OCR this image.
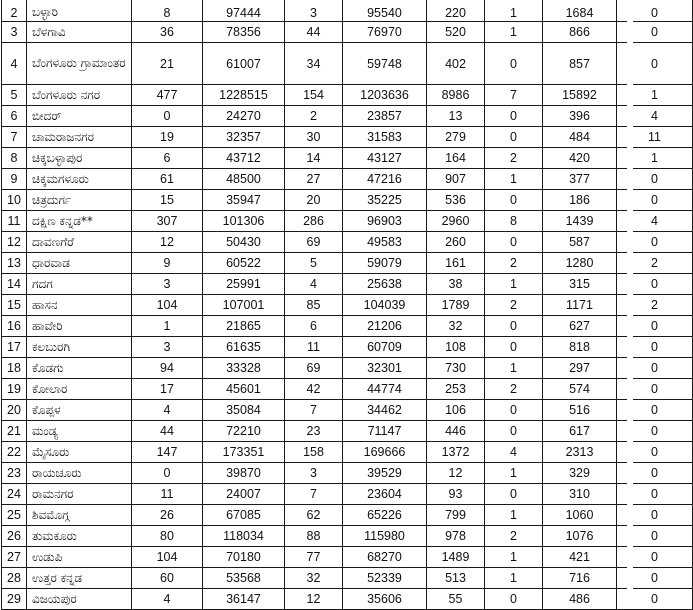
2	ಬಳ್ಳಾರಿ	8	97444	3	95540	220	1	1684	0
3	ಬೆಳಗಾವಿ	36	78356	44	76970	520	1	866	0
4	ಬೆಂಗಳೂರು ಗ್ರಾಮಾಂತರ	21	61007	34	59748	402	0	857	0
5	ಬೆಂಗಳೂರು ನಗರ	477	1228515	154	1203636	8986	7	15892	1
6	ಬೀದರ್	0	24270	2	23857	13	0	396	4
7	ಚಾಮರಾಜನಗರ	19	32357	30	31583	279	0	484	11
8	ಚಿಕ್ಕಬಳ್ಳಾಪುರ	6	43712	14	43127	164	2	420	1
9	ಚಿಕ್ಕಮಗಳೂರು	61	48500	27	47216	907	1	377	0
10	ಚಿತ್ರದುರ್ಗ	15	35947	20	35225	536	0	186	0
11	ದಕ್ಷಿಣ ಕನ್ನಡ**	307	101306	286	96903	2960	8	1439	4
12	ದಾವಣಗೆರೆ	12	50430	69	49583	260	0	587	0
13	ಧಾರವಾಡ	9	60522	5	59079	161	2	1280	2
14	ಗದಗ	3	25991	4	25638	38	1	315	0
15	ಹಾಸನ	104	107001	85	104039	1789	2	1171	2
16	ಹಾವೇರಿ	1	21865	6	21206	32	0	627	0
17	ಕಲಬುರಗಿ	3	61635	11	60709	108	0	818	0
18	ಕೊಡಗು	94	33328	69	32301	730	1	297	0
19	ಕೋಲಾರ	17	45601	42	44774	253	2	574	0
20	ಕೊಪ್ಪಳ	4	35084	7	34462	106	0	516	0
21	ಮಂಡ್ಯ	44	72210	23	71147	446	0	617	0
22	ಮೈಸೂರು	147	173351	158	169666	1372	4	2313	0
23	ರಾಯಚೂರು	0	39870	3	39529	12	1	329	0
24	ರಾಮನಗರ	11	24007	7	23604	93	0	310	0
25	ಶಿವಮೊಗ್ಗ	26	67085	62	65226	799	1	1060	0
26	ತುಮಕೂರು	80	118034	88	115980	978	2	1076	0
27	ಉಡುಪಿ	104	70180	77	68270	1489	1	421	0
28	ಉತ್ತರ ಕನ್ನಡ	60	53568	32	52339	513	1	716	0
29	ವಿಜಯಪುರ	4	36147	12	35606	55	0	486	0
